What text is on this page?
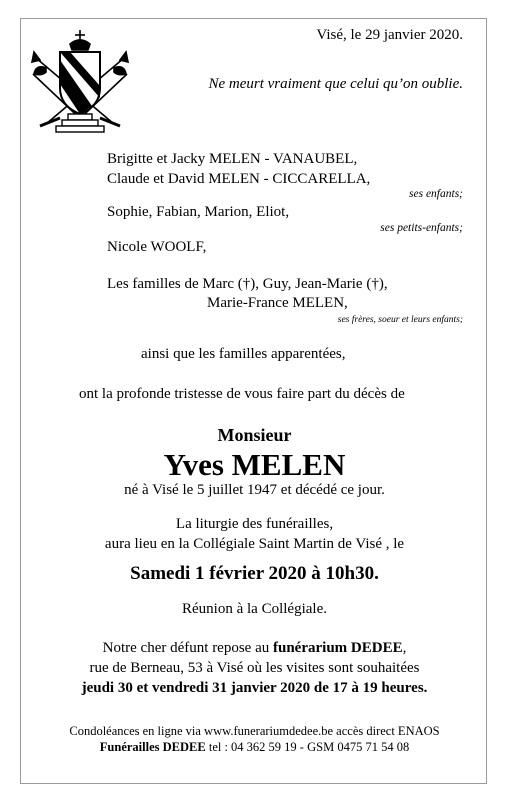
Visé, le 29 janvier 2020.
Ne meurt vraiment que celui qu’on oublie.
Brigitte et Jacky MELEN - VANAUBEL,
Claude et David MELEN - CICCARELLA,
ses enfants;
Sophie, Fabian, Marion, Eliot,
ses petits-enfants;
Nicole WOOLF,
Les familles de Marc (†), Guy, Jean-Marie (†),
Marie-France MELEN,
ses frères, soeur et leurs enfants;
ainsi que les familles apparentées,
ont la profonde tristesse de vous faire part du décès de
Monsieur
Yves MELEN
né à Visé le 5 juillet 1947 et décédé ce jour.
La liturgie des funérailles,
aura lieu en la Collégiale Saint Martin de Visé , le
Samedi 1 février 2020 à 10h30.
Réunion à la Collégiale.
Notre cher défunt repose au funérarium DEDEE,
rue de Berneau, 53 à Visé où les visites sont souhaitées
jeudi 30 et vendredi 31 janvier 2020 de 17 à 19 heures.
Condoléances en ligne via www.funerariumdedee.be accès direct ENAOS
Funérailles DEDEE tel : 04 362 59 19 - GSM 0475 71 54 08
